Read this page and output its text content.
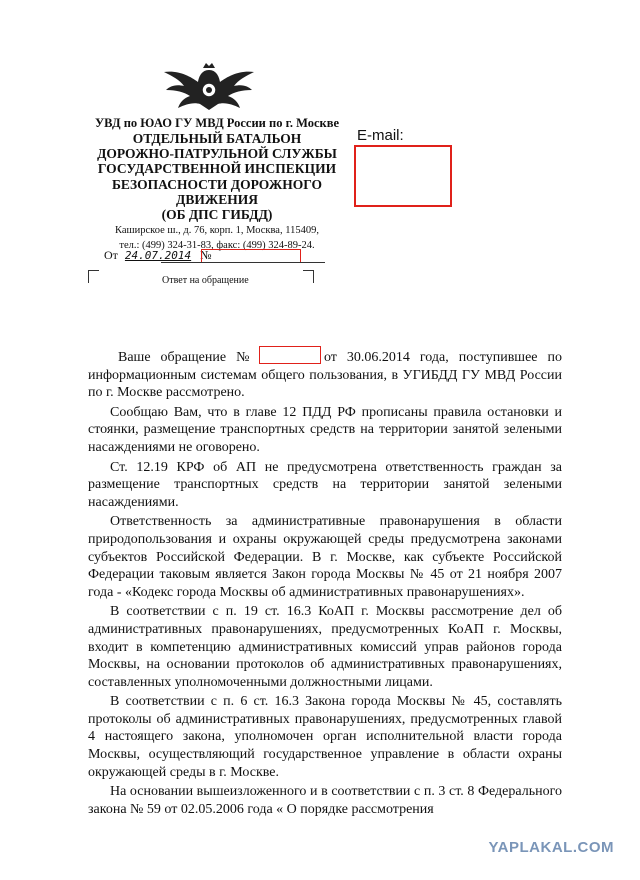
УВД по ЮАО ГУ МВД России по г. Москве
ОТДЕЛЬНЫЙ БАТАЛЬОН
ДОРОЖНО-ПАТРУЛЬНОЙ СЛУЖБЫ
ГОСУДАРСТВЕННОЙ ИНСПЕКЦИИ
БЕЗОПАСНОСТИ ДОРОЖНОГО
ДВИЖЕНИЯ
(ОБ ДПС ГИБДД)
Каширское ш., д. 76, корп. 1, Москва, 115409,
тел.: (499) 324-31-83, факс: (499) 324-89-24.
E-mail:
От 24.07.2014 №
Ответ на обращение

Ваше обращение №	от 30.06.2014 года, поступившее по информационным системам общего пользования, в УГИБДД ГУ МВД России по г. Москве рассмотрено.

Сообщаю Вам, что в главе 12 ПДД РФ прописаны правила остановки и стоянки, размещение транспортных средств на территории занятой зелеными насаждениями не оговорено.

Ст. 12.19 КРФ об АП не предусмотрена ответственность граждан за размещение транспортных средств на территории занятой зелеными насаждениями.

Ответственность за административные правонарушения в области природопользования и охраны окружающей среды предусмотрена законами субъектов Российской Федерации. В г. Москве, как субъекте Российской Федерации таковым является Закон города Москвы № 45 от 21 ноября 2007 года - «Кодекс города Москвы об административных правонарушениях».

В соответствии с п. 19 ст. 16.3 КоАП г. Москвы рассмотрение дел об административных правонарушениях, предусмотренных КоАП г. Москвы, входит в компетенцию административных комиссий управ районов города Москвы, на основании протоколов об административных правонарушениях, составленных уполномоченными должностными лицами.

В соответствии с п. 6 ст. 16.3 Закона города Москвы № 45, составлять протоколы об административных правонарушениях, предусмотренных главой 4 настоящего закона, уполномочен орган исполнительной власти города Москвы, осуществляющий государственное управление в области охраны окружающей среды в г. Москве.

На основании вышеизложенного и в соответствии с п. 3 ст. 8 Федерального закона № 59 от 02.05.2006 года « О порядке рассмотрения

YAPLAKAL.COM
